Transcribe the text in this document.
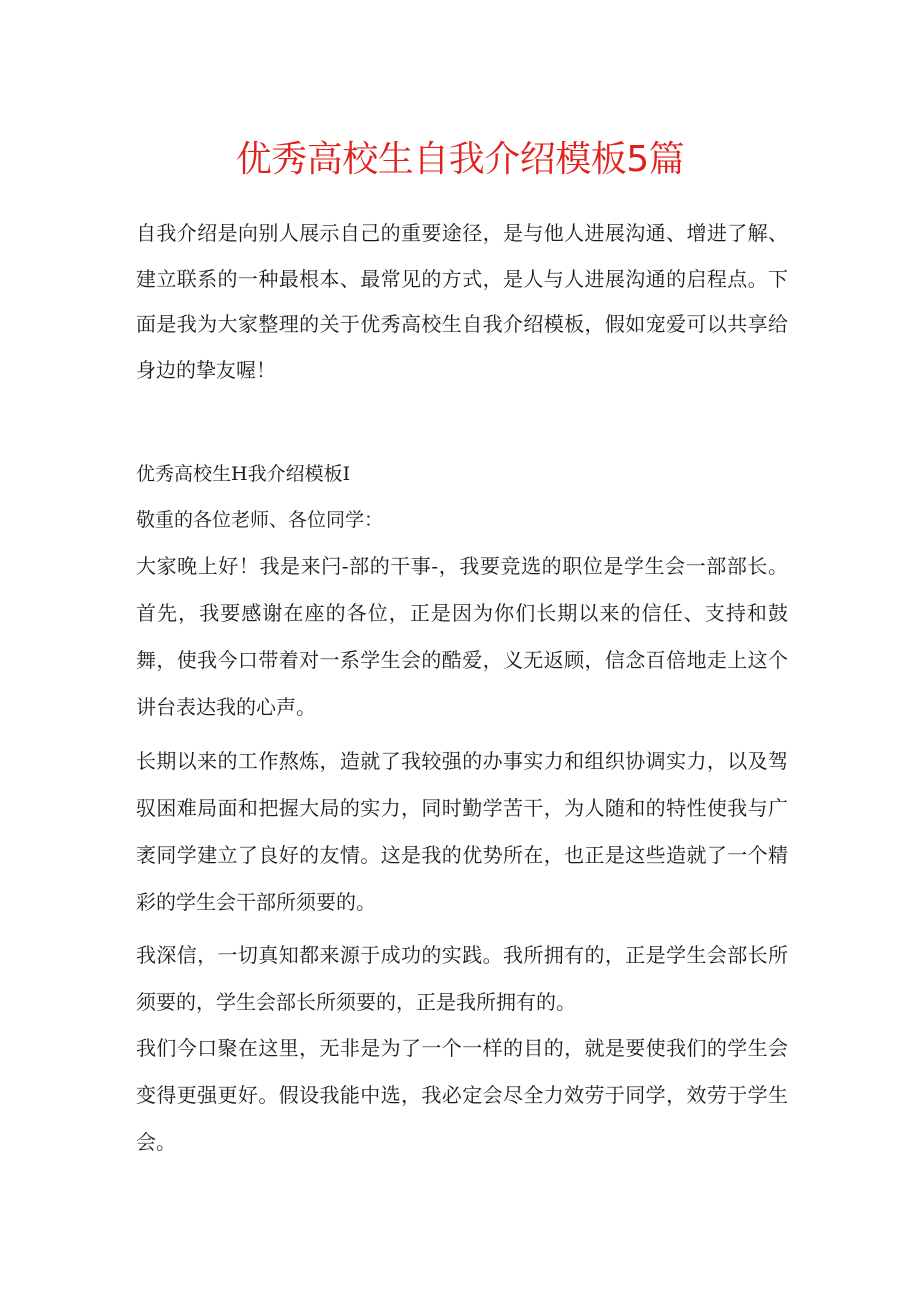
优秀高校生自我介绍模板5篇

自我介绍是向别人展示自己的重要途径，是与他人进展沟通、增进了解、建立联系的一种最根本、最常见的方式，是人与人进展沟通的启程点。下面是我为大家整理的关于优秀高校生自我介绍模板，假如宠爱可以共享给身边的挚友喔！

优秀高校生H我介绍模板I

敬重的各位老师、各位同学：

大家晚上好！我是来闩-部的干事-，我要竞选的职位是学生会一部部长。首先，我要感谢在座的各位，正是因为你们长期以来的信任、支持和鼓舞，使我今口带着对一系学生会的酷爱，义无返顾，信念百倍地走上这个讲台表达我的心声。

长期以来的工作熬炼，造就了我较强的办事实力和组织协调实力，以及驾驭困难局面和把握大局的实力，同时勤学苦干，为人随和的特性使我与广袤同学建立了良好的友情。这是我的优势所在，也正是这些造就了一个精彩的学生会干部所须要的。

我深信，一切真知都来源于成功的实践。我所拥有的，正是学生会部长所须要的，学生会部长所须要的，正是我所拥有的。

我们今口聚在这里，无非是为了一个一样的目的，就是要使我们的学生会变得更强更好。假设我能中选，我必定会尽全力效劳于同学，效劳于学生会。
